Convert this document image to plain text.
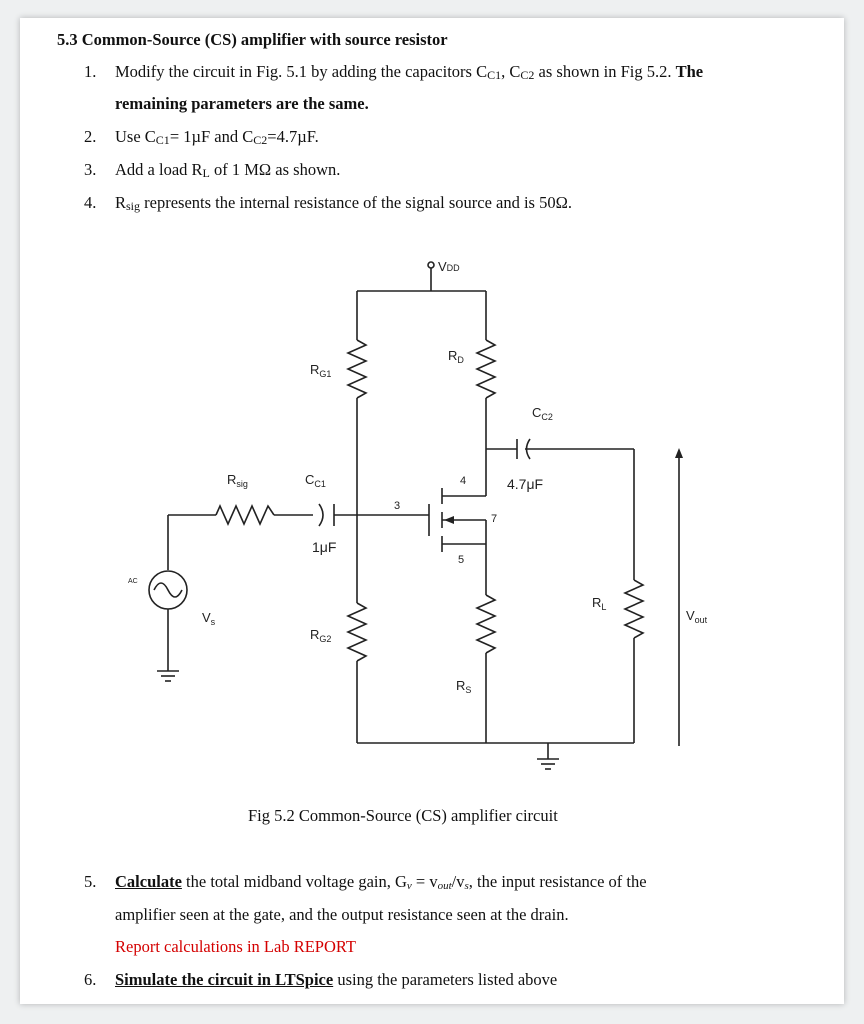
5.3 Common-Source (CS) amplifier with source resistor
1. Modify the circuit in Fig. 5.1 by adding the capacitors $C_{C1}$, $C_{C2}$ as shown in Fig 5.2. The
remaining parameters are the same.
2. Use $C_{C1}= 1\mu F$ and $C_{C2}=4.7\mu F$.
3. Add a load $R_L$ of 1 MΩ as shown.
4. $R_{sig}$ represents the internal resistance of the signal source and is 50Ω.
VDD
$R_{G1}$
$R_D$
$C_{C2}$
4.7μF
$R_{sig}$	$C_{C1}$
1μF
3
4
5
7
AC
$V_s$
$R_{G2}$
$R_S$
$R_L$
$V_{out}$
Fig 5.2 Common-Source (CS) amplifier circuit
5. Calculate the total midband voltage gain, $G_v = v_{out}/v_s$, the input resistance of the
amplifier seen at the gate, and the output resistance seen at the drain.
Report calculations in Lab REPORT
6. Simulate the circuit in LTSpice using the parameters listed above
